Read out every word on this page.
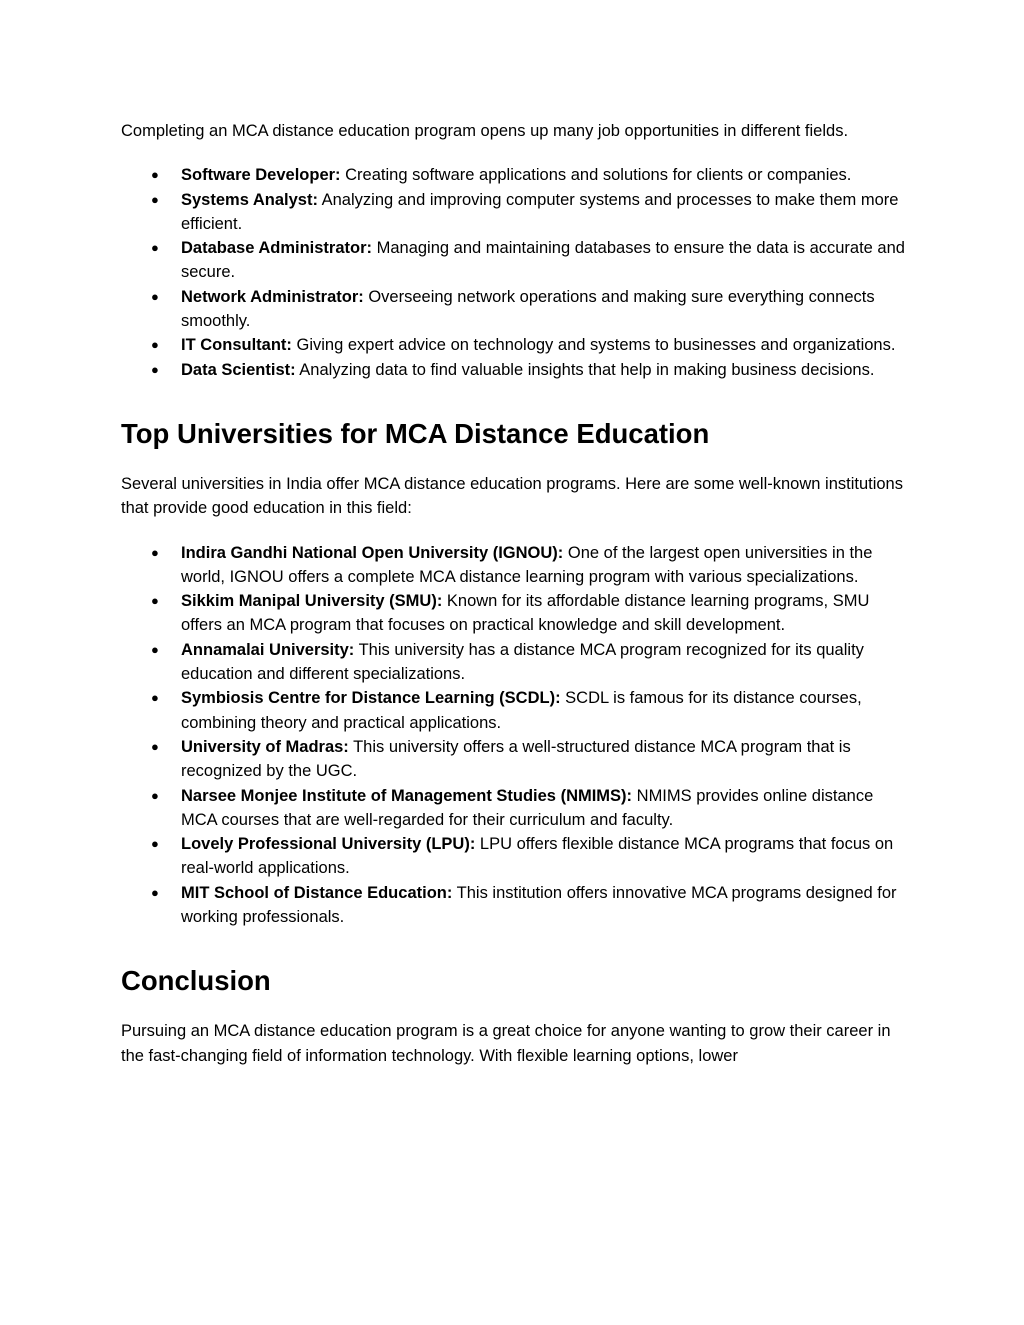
Completing an MCA distance education program opens up many job opportunities in different fields.

● Software Developer: Creating software applications and solutions for clients or companies.
● Systems Analyst: Analyzing and improving computer systems and processes to make them more efficient.
● Database Administrator: Managing and maintaining databases to ensure the data is accurate and secure.
● Network Administrator: Overseeing network operations and making sure everything connects smoothly.
● IT Consultant: Giving expert advice on technology and systems to businesses and organizations.
● Data Scientist: Analyzing data to find valuable insights that help in making business decisions.
Top Universities for MCA Distance Education

Several universities in India offer MCA distance education programs. Here are some well-known institutions that provide good education in this field:

● Indira Gandhi National Open University (IGNOU): One of the largest open universities in the world, IGNOU offers a complete MCA distance learning program with various specializations.
● Sikkim Manipal University (SMU): Known for its affordable distance learning programs, SMU offers an MCA program that focuses on practical knowledge and skill development.
● Annamalai University: This university has a distance MCA program recognized for its quality education and different specializations.
● Symbiosis Centre for Distance Learning (SCDL): SCDL is famous for its distance courses, combining theory and practical applications.
● University of Madras: This university offers a well-structured distance MCA program that is recognized by the UGC.
● Narsee Monjee Institute of Management Studies (NMIMS): NMIMS provides online distance MCA courses that are well-regarded for their curriculum and faculty.
● Lovely Professional University (LPU): LPU offers flexible distance MCA programs that focus on real-world applications.
● MIT School of Distance Education: This institution offers innovative MCA programs designed for working professionals.
Conclusion

Pursuing an MCA distance education program is a great choice for anyone wanting to grow their career in the fast-changing field of information technology. With flexible learning options, lower
